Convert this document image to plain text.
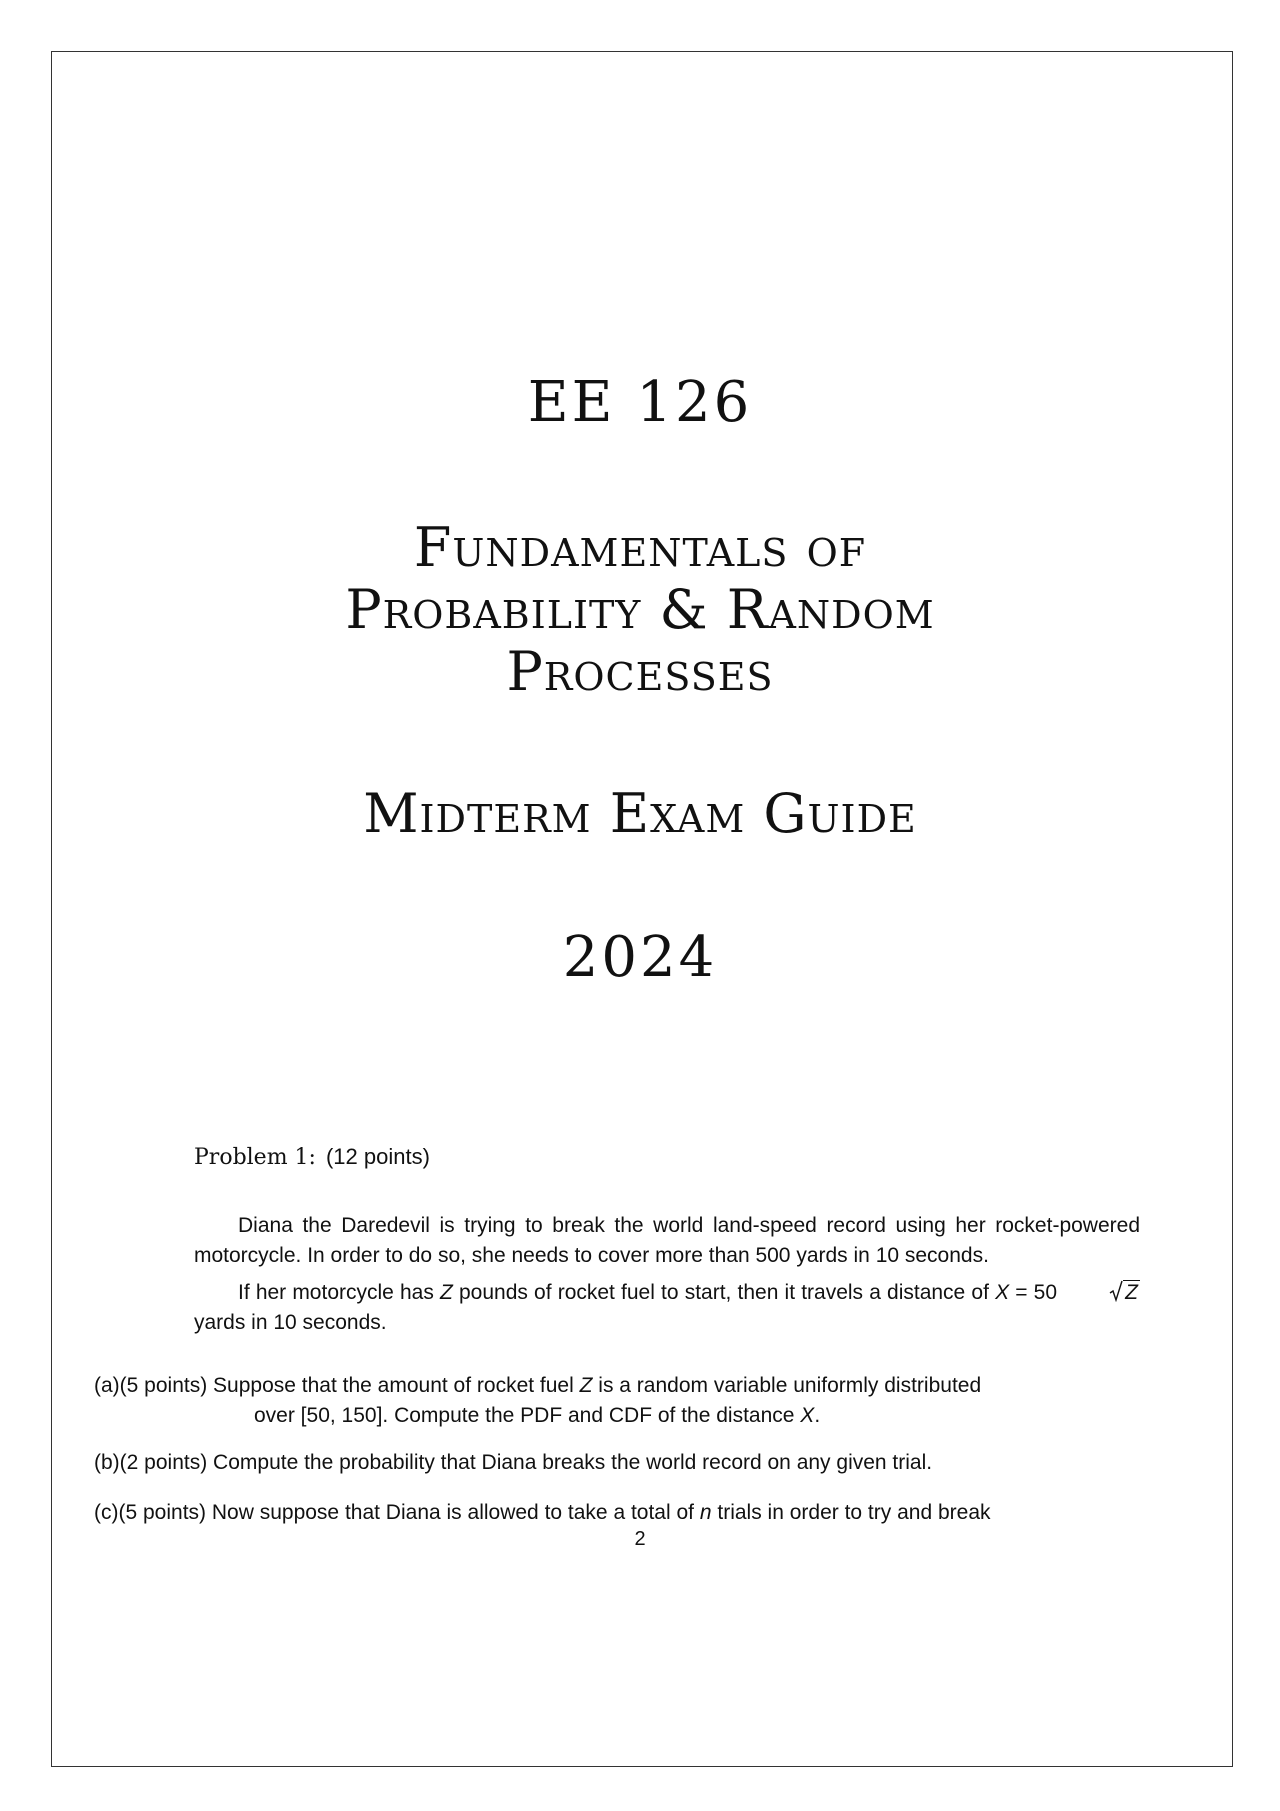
EE 126
Fundamentals of
Probability & Random
Processes
Midterm Exam Guide
2024
Problem 1: (12 points)
Diana the Daredevil is trying to break the world land-speed record using her rocket-powered motorcycle. In order to do so, she needs to cover more than 500 yards in 10 seconds.
If her motorcycle has Z pounds of rocket fuel to start, then it travels a distance of X = 50	Z yards in 10 seconds.
(a)(5 points) Suppose that the amount of rocket fuel Z is a random variable uniformly distributed
over [50, 150]. Compute the PDF and CDF of the distance X.
(b)(2 points) Compute the probability that Diana breaks the world record on any given trial.
(c)(5 points) Now suppose that Diana is allowed to take a total of n trials in order to try and break
2
